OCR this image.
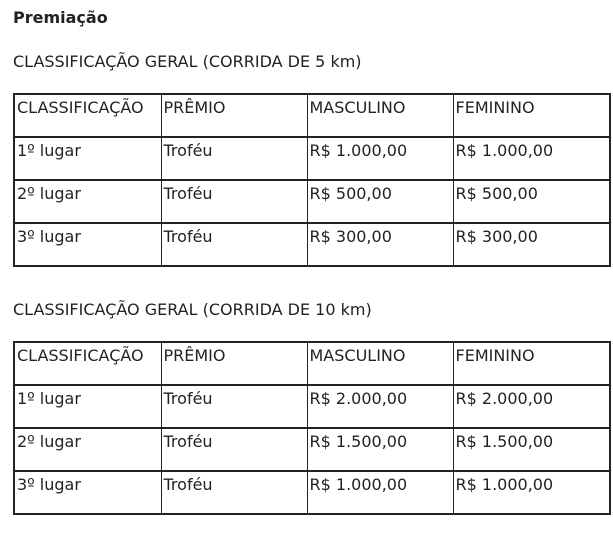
Premiação
CLASSIFICAÇÃO GERAL (CORRIDA DE 5 km)
CLASSIFICAÇÃO	PRÊMIO	MASCULINO	FEMININO
1º lugar	Troféu	R$ 1.000,00	R$ 1.000,00
2º lugar	Troféu	R$ 500,00	R$ 500,00
3º lugar	Troféu	R$ 300,00	R$ 300,00
CLASSIFICAÇÃO GERAL (CORRIDA DE 10 km)
CLASSIFICAÇÃO	PRÊMIO	MASCULINO	FEMININO
1º lugar	Troféu	R$ 2.000,00	R$ 2.000,00
2º lugar	Troféu	R$ 1.500,00	R$ 1.500,00
3º lugar	Troféu	R$ 1.000,00	R$ 1.000,00
